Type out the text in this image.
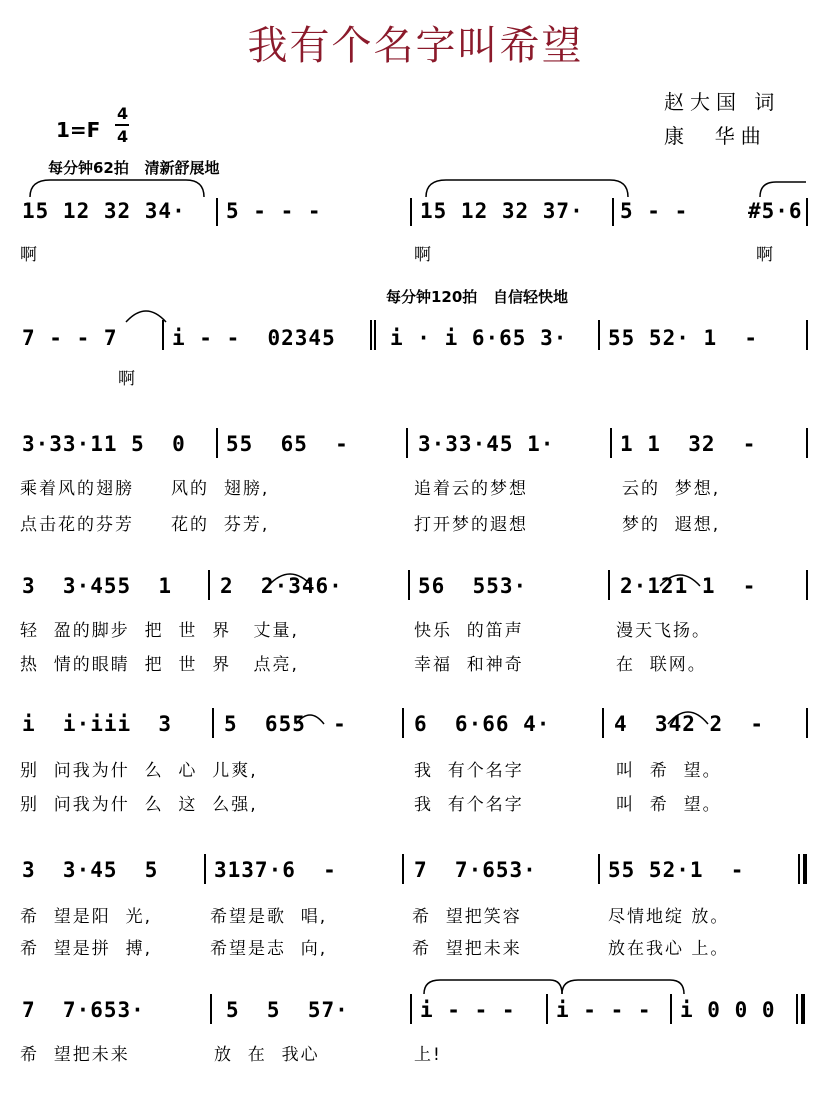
我有个名字叫希望
赵大国 词
康  华曲
1=F
4
4
每分钟62拍   清新舒展地
每分钟120拍   自信轻快地
15 12 32 34· 5 - - -	15 12 32 37· 5 - -	#5·6
啊	啊	啊
7 - - 7	i - -  02345	i · i 6·65 3· 55 52· 1  -
啊
3·33·11 5  0 55  65  -	3·33·45 1·	1 1  32  -
乘着风的翅膀     风的  翅膀,	追着云的梦想	云的  梦想,
点击花的芬芳     花的  芬芳,	打开梦的遐想	梦的  遐想,
3  3·455  1 2  2·346·	56  553·	2·121 1  -
轻  盈的脚步  把  世  界   丈量,	快乐  的笛声	漫天飞扬。
热  情的眼睛  把  世  界   点亮,	幸福  和神奇	在  联网。
i  i·iii  3 5  655  -	6  6·66 4·	4  342 2  -
别  问我为什  么  心  儿爽,	我  有个名字	叫  希  望。
别  问我为什  么  这  么强,	我  有个名字	叫  希  望。
3  3·45  5	3137·6  -	7  7·653·	55 52·1  -
希  望是阳  光,	希望是歌  唱,	希  望把笑容	尽情地绽 放。
希  望是拼  搏,	希望是志  向,	希  望把未来	放在我心 上。
7  7·653·	5  5  57·	i - - - i - - - i 0 0 0
希  望把未来	放  在  我心	上!
